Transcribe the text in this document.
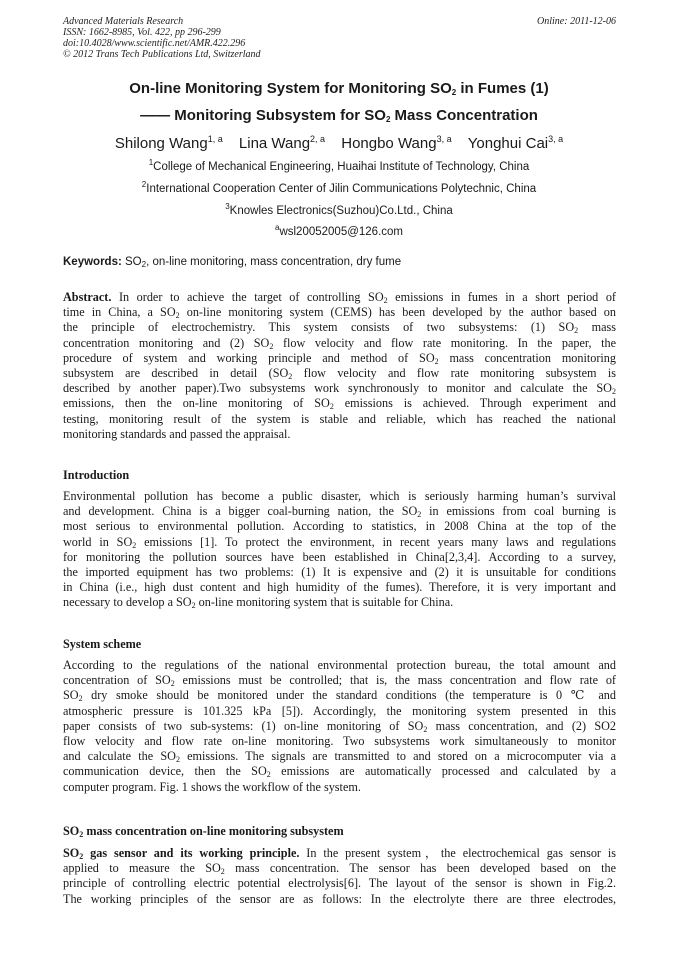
Advanced Materials Research
ISSN: 1662-8985, Vol. 422, pp 296-299
doi:10.4028/www.scientific.net/AMR.422.296
© 2012 Trans Tech Publications Ltd, Switzerland
Online: 2011-12-06
On-line Monitoring System for Monitoring $SO_2$ in Fumes (1)
—— Monitoring Subsystem for $SO_2$ Mass Concentration
Shilong Wang$^{1, a}$ Lina Wang$^{2, a}$ Hongbo Wang$^{3, a}$ Yonghui Cai$^{3, a}$
$^1$College of Mechanical Engineering, Huaihai Institute of Technology, China
$^2$International Cooperation Center of Jilin Communications Polytechnic, China
$^3$Knowles Electronics(Suzhou)Co.Ltd., China
$^a$wsl20052005@126.com
Keywords: $SO_2$, on-line monitoring, mass concentration, dry fume
Abstract. In order to achieve the target of controlling $SO_2$ emissions in fumes in a short period of
time in China, a $SO_2$ on-line monitoring system (CEMS) has been developed by the author based on
the principle of electrochemistry. This system consists of two subsystems: (1) $SO_2$ mass
concentration monitoring and (2) $SO_2$ flow velocity and flow rate monitoring. In the paper, the
procedure of system and working principle and method of $SO_2$ mass concentration monitoring
subsystem are described in detail ($SO_2$ flow velocity and flow rate monitoring subsystem is
described by another paper).Two subsystems work synchronously to monitor and calculate the $SO_2$
emissions, then the on-line monitoring of $SO_2$ emissions is achieved. Through experiment and
testing, monitoring result of the system is stable and reliable, which has reached the national
monitoring standards and passed the appraisal.
Introduction
Environmental pollution has become a public disaster, which is seriously harming human’s survival
and development. China is a bigger coal-burning nation, the $SO_2$ in emissions from coal burning is
most serious to environmental pollution. According to statistics, in 2008 China at the top of the
world in $SO_2$ emissions [1]. To protect the environment, in recent years many laws and regulations
for monitoring the pollution sources have been established in China[2,3,4]. According to a survey,
the imported equipment has two problems: (1) It is expensive and (2) it is unsuitable for conditions
in China (i.e., high dust content and high humidity of the fumes). Therefore, it is very important and
necessary to develop a $SO_2$ on-line monitoring system that is suitable for China.
System scheme
According to the regulations of the national environmental protection bureau, the total amount and
concentration of $SO_2$ emissions must be controlled; that is, the mass concentration and flow rate of
$SO_2$ dry smoke should be monitored under the standard conditions (the temperature is 0 ℃ and
atmospheric pressure is 101.325 kPa [5]). Accordingly, the monitoring system presented in this
paper consists of two sub-systems: (1) on-line monitoring of $SO_2$ mass concentration, and (2) SO2
flow velocity and flow rate on-line monitoring. Two subsystems work simultaneously to monitor
and calculate the $SO_2$ emissions. The signals are transmitted to and stored on a microcomputer via a
communication device, then the $SO_2$ emissions are automatically processed and calculated by a
computer program. Fig. 1 shows the workflow of the system.
$SO_2$ mass concentration on-line monitoring subsystem
$SO_2$ gas sensor and its working principle. In the present system，the electrochemical gas sensor is
applied to measure the $SO_2$ mass concentration. The sensor has been developed based on the
principle of controlling electric potential electrolysis[6]. The layout of the sensor is shown in Fig.2.
The working principles of the sensor are as follows: In the electrolyte there are three electrodes,
